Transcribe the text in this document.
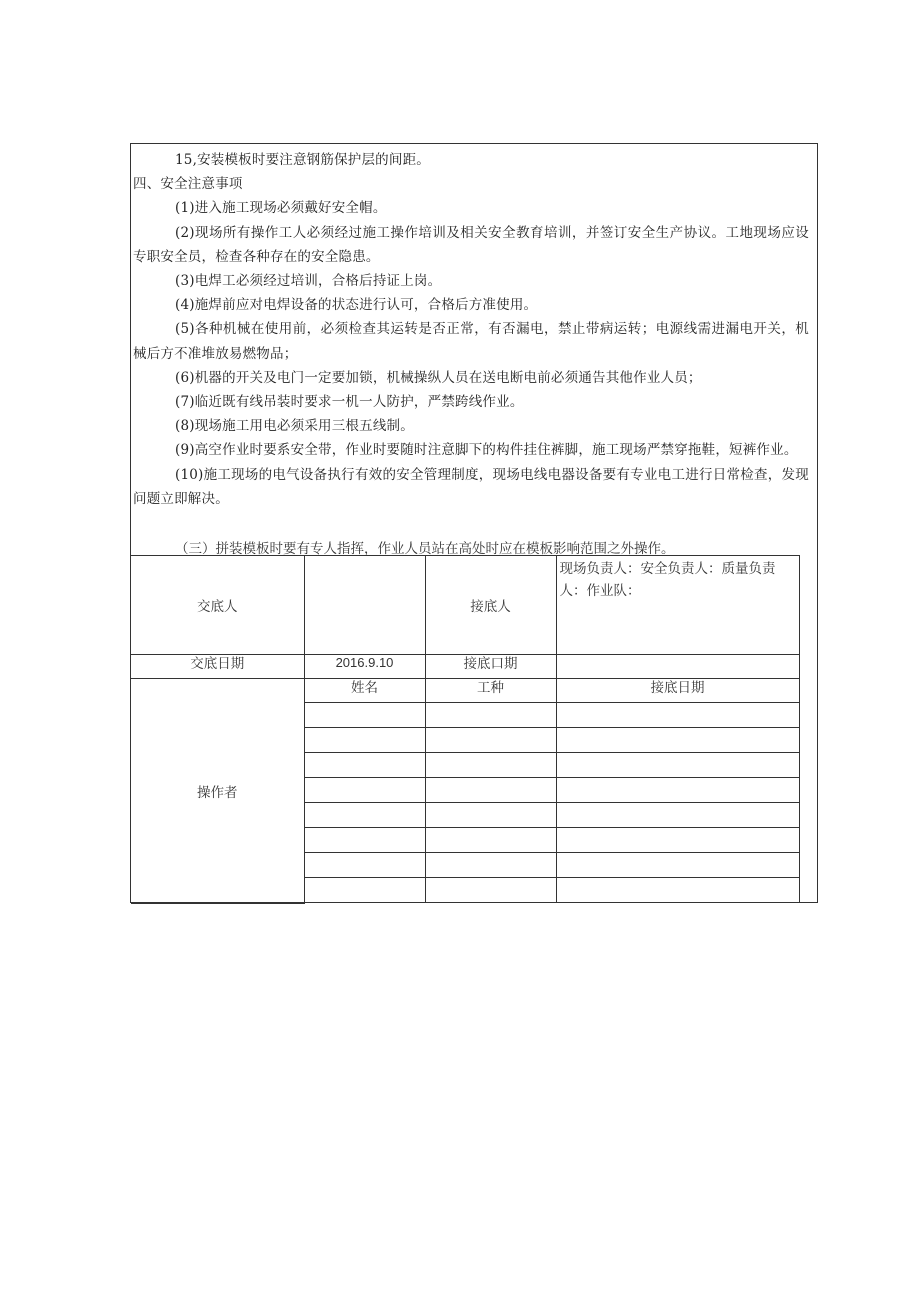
15,安装模板时要注意钢筋保护层的间距。

四、安全注意事项

(1)进入施工现场必须戴好安全帽。

(2)现场所有操作工人必须经过施工操作培训及相关安全教育培训，并签订安全生产协议。工地现场应设专职安全员，检查各种存在的安全隐患。

(3)电焊工必须经过培训，合格后持证上岗。

(4)施焊前应对电焊设备的状态进行认可，合格后方准使用。

(5)各种机械在使用前，必须检查其运转是否正常，有否漏电，禁止带病运转；电源线需进漏电开关，机械后方不准堆放易燃物品；

(6)机器的开关及电门一定要加锁，机械操纵人员在送电断电前必须通告其他作业人员；

(7)临近既有线吊装时要求一机一人防护，严禁跨线作业。

(8)现场施工用电必须采用三根五线制。

(9)高空作业时要系安全带，作业时要随时注意脚下的构件挂住裤脚，施工现场严禁穿拖鞋，短裤作业。

(10)施工现场的电气设备执行有效的安全管理制度，现场电线电器设备要有专业电工进行日常检查，发现问题立即解决。

（三）拼装模板时要有专人指挥，作业人员站在高处时应在模板影响范围之外操作。
交底人		接底人	现场负责人：安全负责人：质量负责人：作业队：
交底日期	2016.9.10	接底口期	
操作者	姓名	工种	接底日期
